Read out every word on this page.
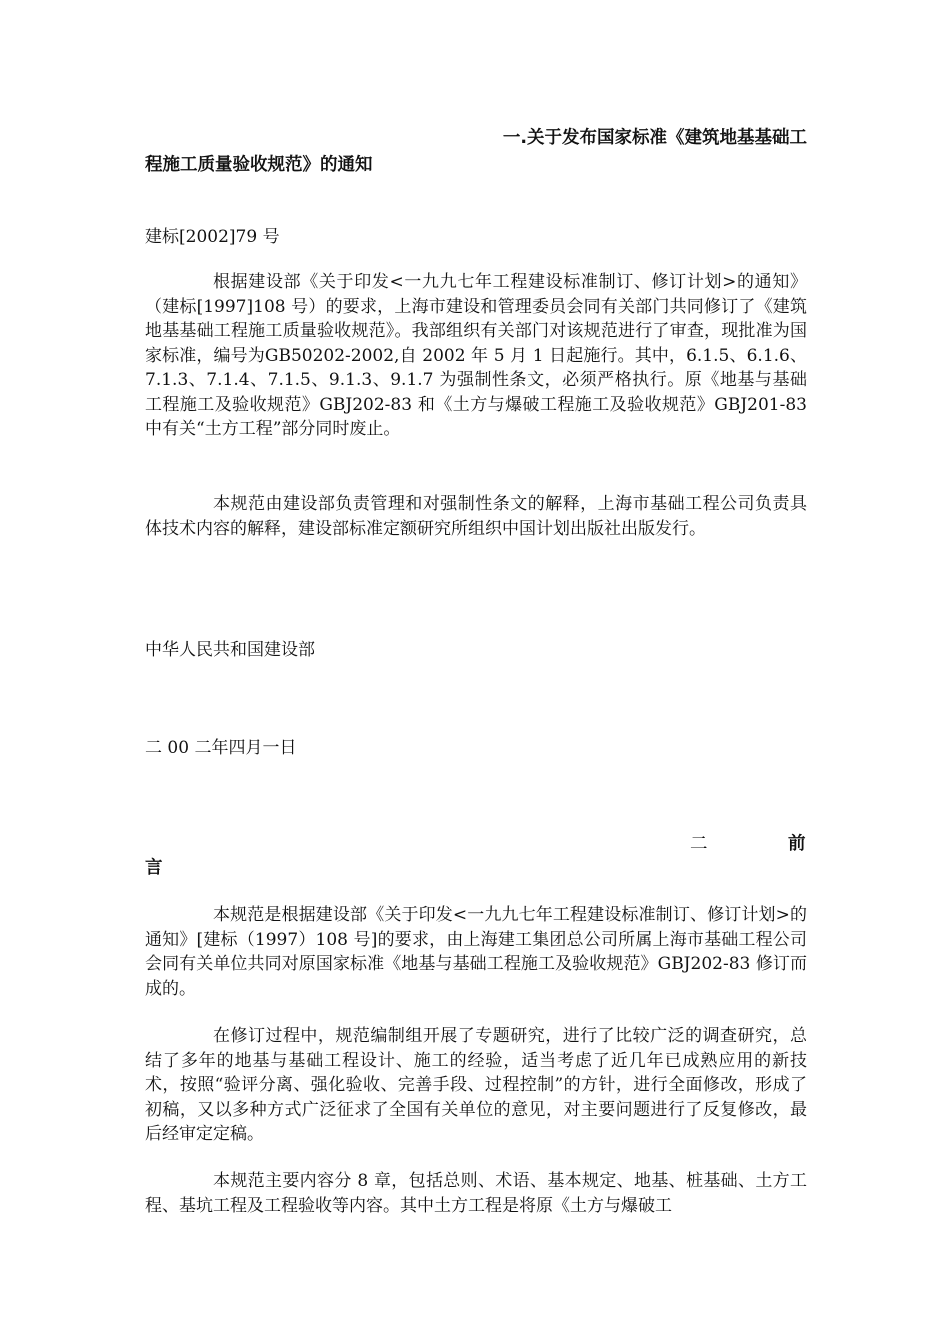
一.关于发布国家标准《建筑地基基础工

程施工质量验收规范》的通知

建标[2002]79 号

根据建设部《关于印发<一九九七年工程建设标准制订、修订计划>的通知》（建标[1997]108 号）的要求，上海市建设和管理委员会同有关部门共同修订了《建筑地基基础工程施工质量验收规范》。我部组织有关部门对该规范进行了审查，现批准为国家标准，编号为GB50202-2002,自 2002 年 5 月 1 日起施行。其中，6.1.5、6.1.6、7.1.3、7.1.4、7.1.5、9.1.3、9.1.7 为强制性条文，必须严格执行。原《地基与基础工程施工及验收规范》GBJ202-83 和《土方与爆破工程施工及验收规范》GBJ201-83 中有关“土方工程”部分同时废止。

本规范由建设部负责管理和对强制性条文的解释，上海市基础工程公司负责具体技术内容的解释，建设部标准定额研究所组织中国计划出版社出版发行。

中华人民共和国建设部

二 00 二年四月一日

二	前

言

本规范是根据建设部《关于印发<一九九七年工程建设标准制订、修订计划>的通知》[建标（1997）108 号]的要求，由上海建工集团总公司所属上海市基础工程公司会同有关单位共同对原国家标准《地基与基础工程施工及验收规范》GBJ202-83 修订而成的。

在修订过程中，规范编制组开展了专题研究，进行了比较广泛的调查研究，总结了多年的地基与基础工程设计、施工的经验，适当考虑了近几年已成熟应用的新技术，按照“验评分离、强化验收、完善手段、过程控制”的方针，进行全面修改，形成了初稿，又以多种方式广泛征求了全国有关单位的意见，对主要问题进行了反复修改，最后经审定定稿。

本规范主要内容分 8 章，包括总则、术语、基本规定、地基、桩基础、土方工程、基坑工程及工程验收等内容。其中土方工程是将原《土方与爆破工
